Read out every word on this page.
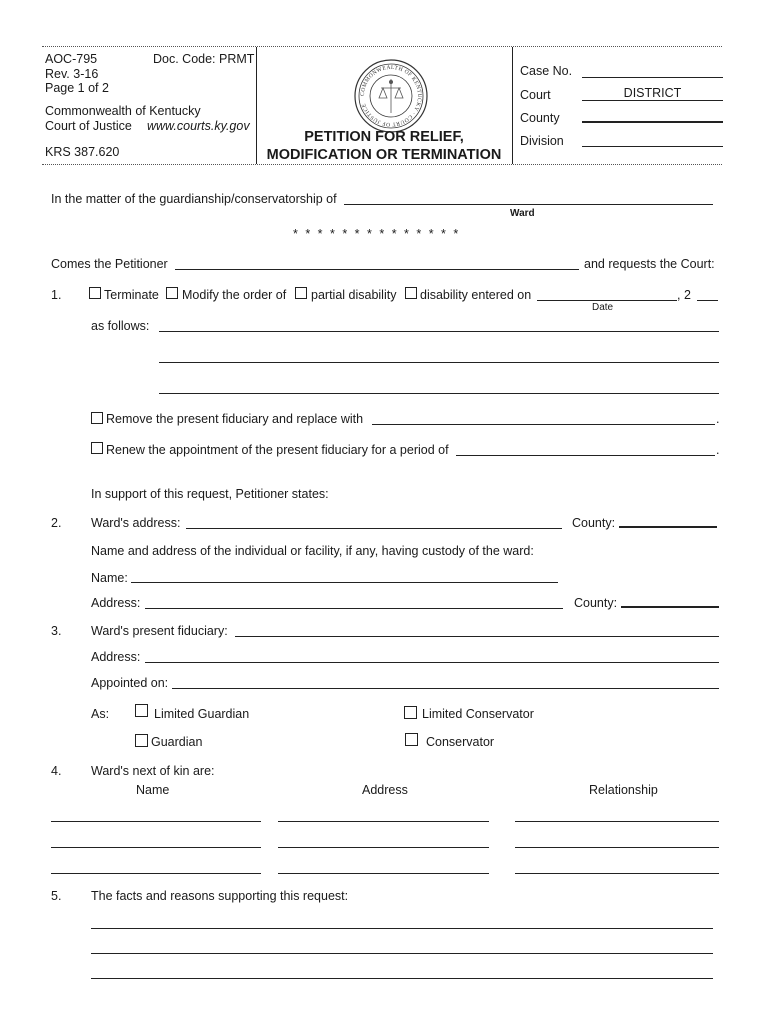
AOC-795	Doc. Code: PRMT
Rev. 3-16
Page 1 of 2
Commonwealth of Kentucky
Court of Justice www.courts.ky.gov
KRS 387.620
COMMONWEALTH OF KENTUCKY · COURT OF JUSTICE
PETITION FOR RELIEF,
MODIFICATION OR TERMINATION
Case No.
Court	DISTRICT
County
Division
In the matter of the guardianship/conservatorship of
Ward
* * * * * * * * * * * * * *
Comes the Petitioner	and requests the Court:
1.	Terminate Modify the order of partial disability disability entered on	, 2
Date
as follows:
Remove the present fiduciary and replace with	.
Renew the appointment of the present fiduciary for a period of	.
In support of this request, Petitioner states:
2. Ward's address:	County:
Name and address of the individual or facility, if any, having custody of the ward:
Name:
Address:	County:
3. Ward's present fiduciary:
Address:
Appointed on:
As:	Limited Guardian	Limited Conservator
Guardian	Conservator
4. Ward's next of kin are:
Name	Address	Relationship
5. The facts and reasons supporting this request:
